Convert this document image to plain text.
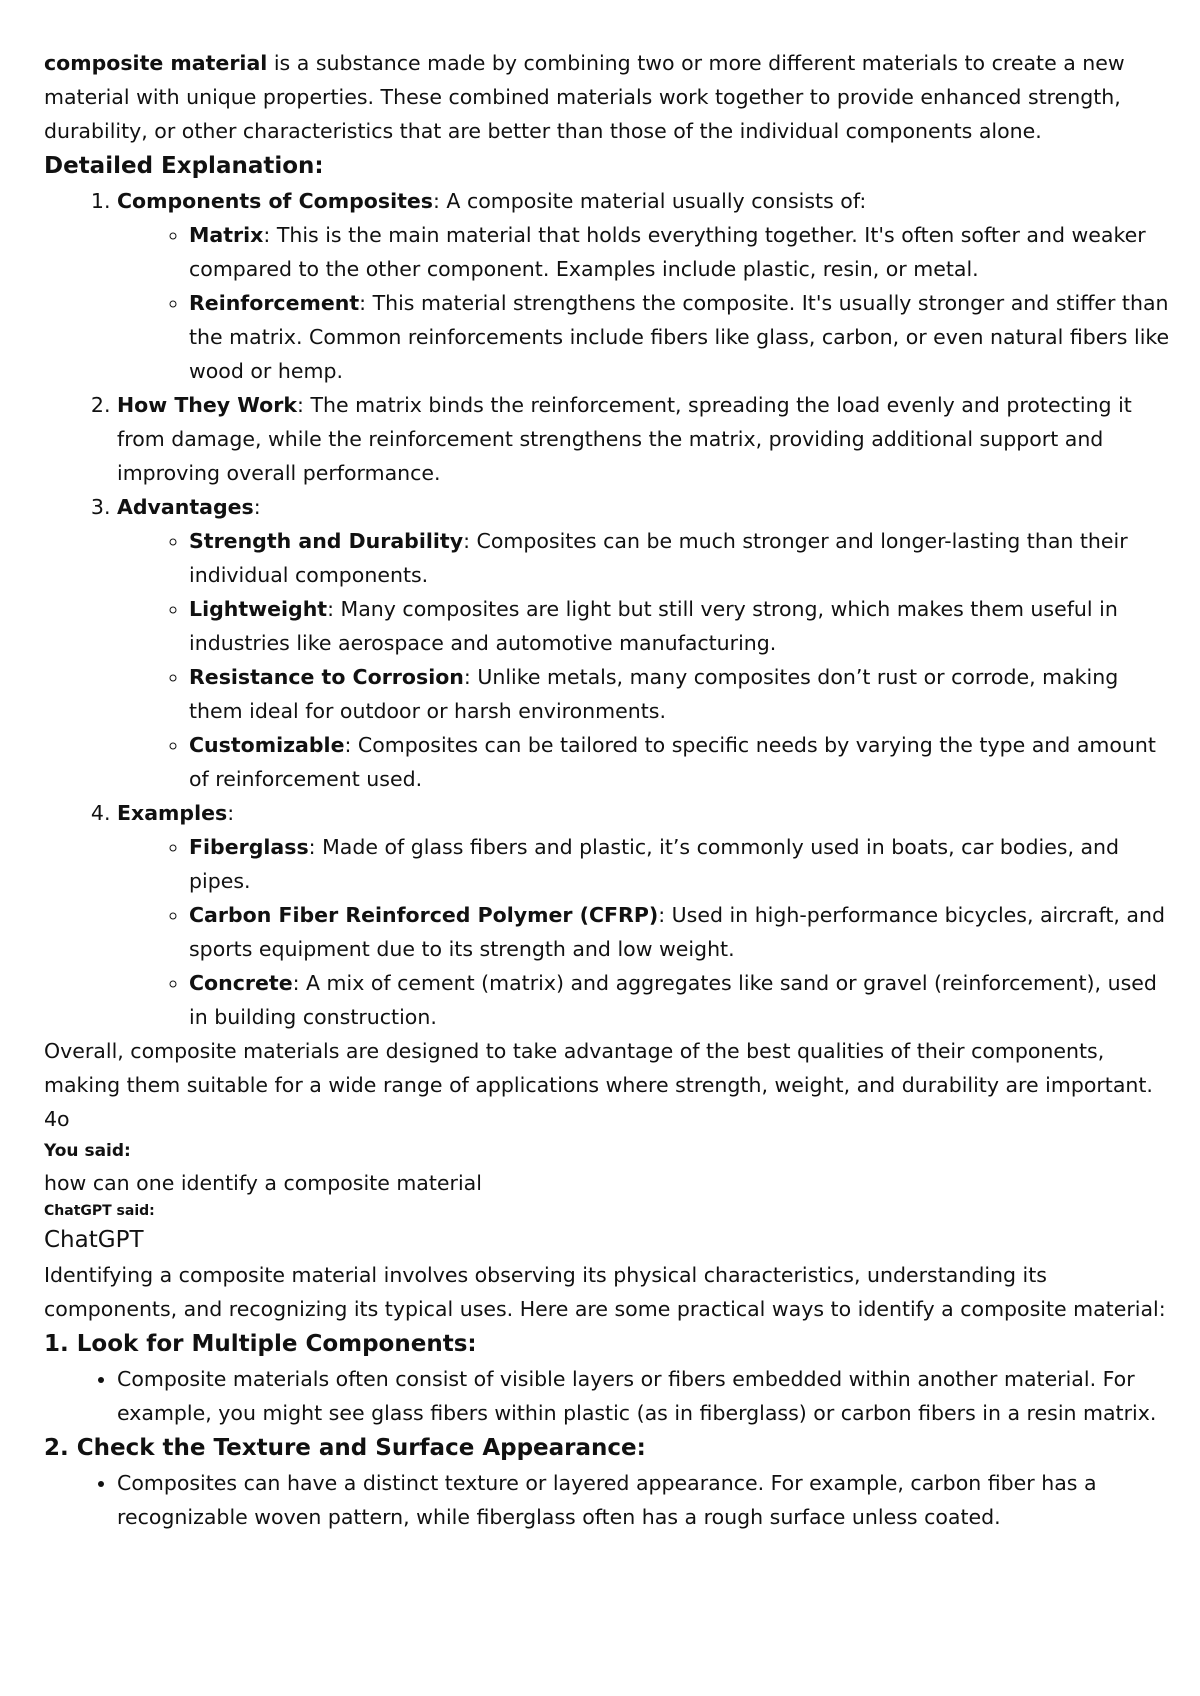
composite material is a substance made by combining two or more different materials to create a new material with unique properties. These combined materials work together to provide enhanced strength, durability, or other characteristics that are better than those of the individual components alone.

Detailed Explanation:
1. Components of Composites: A composite material usually consists of:
◦ Matrix: This is the main material that holds everything together. It's often softer and weaker compared to the other component. Examples include plastic, resin, or metal.
◦ Reinforcement: This material strengthens the composite. It's usually stronger and stiffer than the matrix. Common reinforcements include fibers like glass, carbon, or even natural fibers like wood or hemp.
2. How They Work: The matrix binds the reinforcement, spreading the load evenly and protecting it from damage, while the reinforcement strengthens the matrix, providing additional support and improving overall performance.
3. Advantages:
◦ Strength and Durability: Composites can be much stronger and longer-lasting than their individual components.
◦ Lightweight: Many composites are light but still very strong, which makes them useful in industries like aerospace and automotive manufacturing.
◦ Resistance to Corrosion: Unlike metals, many composites don’t rust or corrode, making them ideal for outdoor or harsh environments.
◦ Customizable: Composites can be tailored to specific needs by varying the type and amount of reinforcement used.
4. Examples:
◦ Fiberglass: Made of glass fibers and plastic, it’s commonly used in boats, car bodies, and pipes.
◦ Carbon Fiber Reinforced Polymer (CFRP): Used in high-performance bicycles, aircraft, and sports equipment due to its strength and low weight.
◦ Concrete: A mix of cement (matrix) and aggregates like sand or gravel (reinforcement), used in building construction.

Overall, composite materials are designed to take advantage of the best qualities of their components, making them suitable for a wide range of applications where strength, weight, and durability are important.

4o

You said:

how can one identify a composite material

ChatGPT said:

ChatGPT

Identifying a composite material involves observing its physical characteristics, understanding its components, and recognizing its typical uses. Here are some practical ways to identify a composite material:

1. Look for Multiple Components:
• Composite materials often consist of visible layers or fibers embedded within another material. For example, you might see glass fibers within plastic (as in fiberglass) or carbon fibers in a resin matrix.
2. Check the Texture and Surface Appearance:
• Composites can have a distinct texture or layered appearance. For example, carbon fiber has a recognizable woven pattern, while fiberglass often has a rough surface unless coated.
